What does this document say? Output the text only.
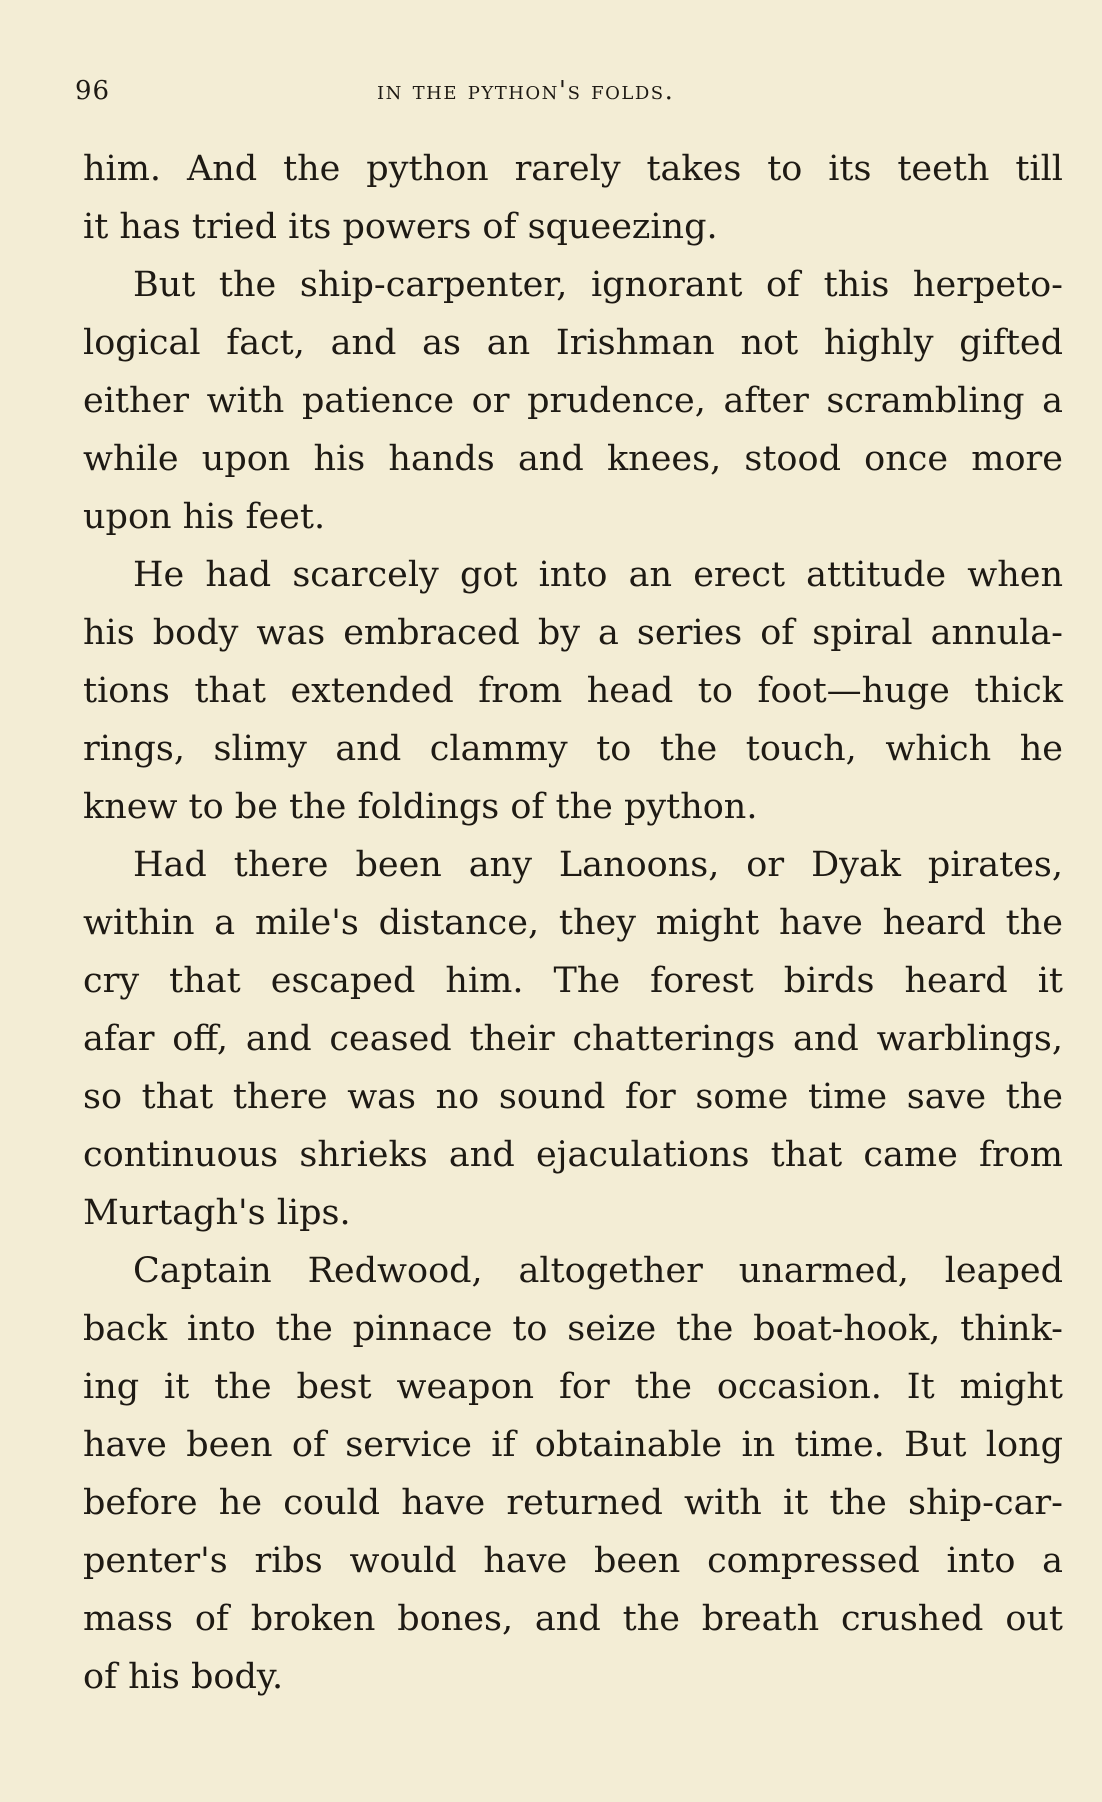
96	in the python's folds.
him. And the python rarely takes to its teeth till
it has tried its powers of squeezing.
But the ship-carpenter, ignorant of this herpeto-
logical fact, and as an Irishman not highly gifted
either with patience or prudence, after scrambling a
while upon his hands and knees, stood once more
upon his feet.
He had scarcely got into an erect attitude when
his body was embraced by a series of spiral annula-
tions that extended from head to foot—huge thick
rings, slimy and clammy to the touch, which he
knew to be the foldings of the python.
Had there been any Lanoons, or Dyak pirates,
within a mile's distance, they might have heard the
cry that escaped him. The forest birds heard it
afar off, and ceased their chatterings and warblings,
so that there was no sound for some time save the
continuous shrieks and ejaculations that came from
Murtagh's lips.
Captain Redwood, altogether unarmed, leaped
back into the pinnace to seize the boat-hook, think-
ing it the best weapon for the occasion. It might
have been of service if obtainable in time. But long
before he could have returned with it the ship-car-
penter's ribs would have been compressed into a
mass of broken bones, and the breath crushed out
of his body.
